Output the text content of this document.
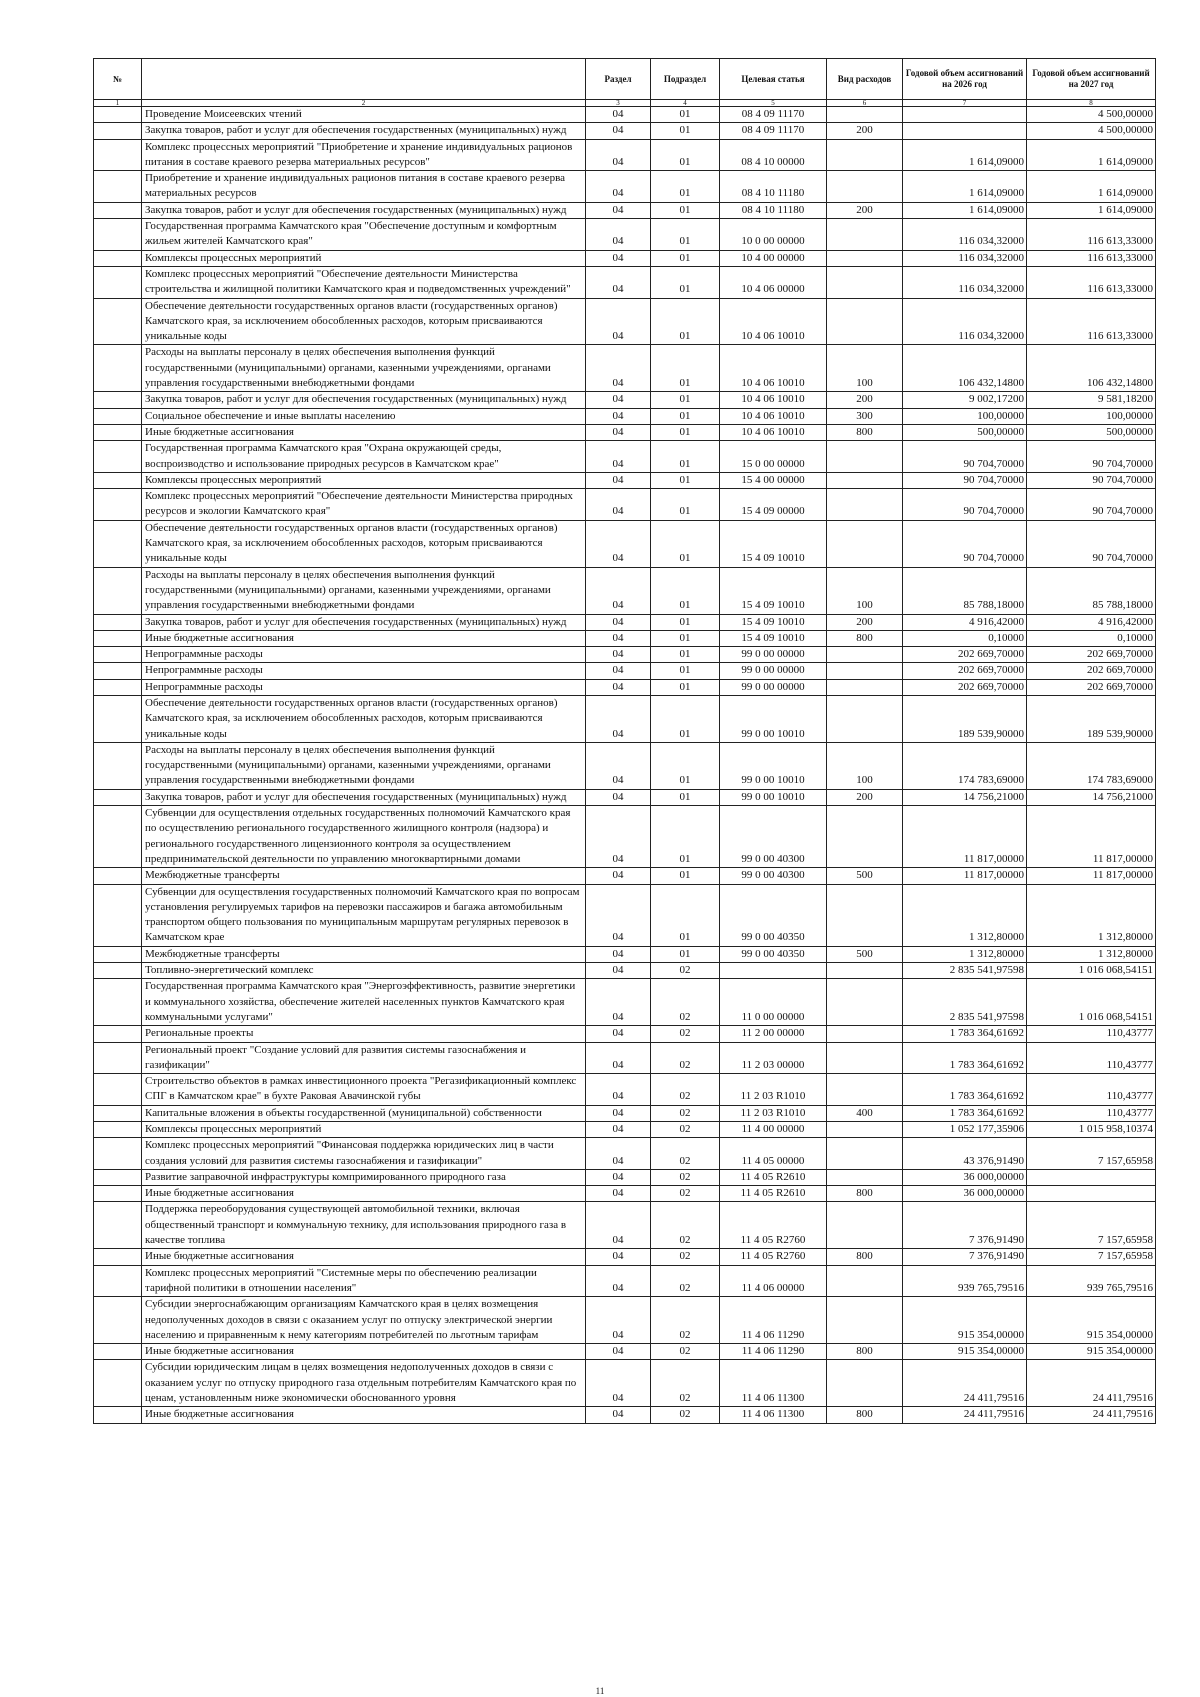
№		Раздел	Подраздел	Целевая статья	Вид расходов	Годовой объем ассигнований на 2026 год	Годовой объем ассигнований на 2027 год
1	2	3	4	5	6	7	8
	Проведение Моисеевских чтений	04	01	08 4 09 11170			4 500,00000
	Закупка товаров, работ и услуг для обеспечения государственных (муниципальных) нужд	04	01	08 4 09 11170	200		4 500,00000
	Комплекс процессных мероприятий "Приобретение и хранение индивидуальных рационов питания в составе краевого резерва материальных ресурсов"	04	01	08 4 10 00000		1 614,09000	1 614,09000
	Приобретение и хранение индивидуальных рационов питания в составе краевого резерва материальных ресурсов	04	01	08 4 10 11180		1 614,09000	1 614,09000
	Закупка товаров, работ и услуг для обеспечения государственных (муниципальных) нужд	04	01	08 4 10 11180	200	1 614,09000	1 614,09000
	Государственная программа Камчатского края "Обеспечение доступным и комфортным жильем жителей Камчатского края"	04	01	10 0 00 00000		116 034,32000	116 613,33000
	Комплексы процессных мероприятий	04	01	10 4 00 00000		116 034,32000	116 613,33000
	Комплекс процессных мероприятий "Обеспечение деятельности Министерства строительства и жилищной политики Камчатского края и подведомственных учреждений"	04	01	10 4 06 00000		116 034,32000	116 613,33000
	Обеспечение деятельности государственных органов власти (государственных органов) Камчатского края, за исключением обособленных расходов, которым присваиваются уникальные коды	04	01	10 4 06 10010		116 034,32000	116 613,33000
	Расходы на выплаты персоналу в целях обеспечения выполнения функций государственными (муниципальными) органами, казенными учреждениями, органами управления государственными внебюджетными фондами	04	01	10 4 06 10010	100	106 432,14800	106 432,14800
	Закупка товаров, работ и услуг для обеспечения государственных (муниципальных) нужд	04	01	10 4 06 10010	200	9 002,17200	9 581,18200
	Социальное обеспечение и иные выплаты населению	04	01	10 4 06 10010	300	100,00000	100,00000
	Иные бюджетные ассигнования	04	01	10 4 06 10010	800	500,00000	500,00000
	Государственная программа Камчатского края "Охрана окружающей среды, воспроизводство и использование природных ресурсов в Камчатском крае"	04	01	15 0 00 00000		90 704,70000	90 704,70000
	Комплексы процессных мероприятий	04	01	15 4 00 00000		90 704,70000	90 704,70000
	Комплекс процессных мероприятий "Обеспечение деятельности Министерства природных ресурсов и экологии Камчатского края"	04	01	15 4 09 00000		90 704,70000	90 704,70000
	Обеспечение деятельности государственных органов власти (государственных органов) Камчатского края, за исключением обособленных расходов, которым присваиваются уникальные коды	04	01	15 4 09 10010		90 704,70000	90 704,70000
	Расходы на выплаты персоналу в целях обеспечения выполнения функций государственными (муниципальными) органами, казенными учреждениями, органами управления государственными внебюджетными фондами	04	01	15 4 09 10010	100	85 788,18000	85 788,18000
	Закупка товаров, работ и услуг для обеспечения государственных (муниципальных) нужд	04	01	15 4 09 10010	200	4 916,42000	4 916,42000
	Иные бюджетные ассигнования	04	01	15 4 09 10010	800	0,10000	0,10000
	Непрограммные расходы	04	01	99 0 00 00000		202 669,70000	202 669,70000
	Непрограммные расходы	04	01	99 0 00 00000		202 669,70000	202 669,70000
	Непрограммные расходы	04	01	99 0 00 00000		202 669,70000	202 669,70000
	Обеспечение деятельности государственных органов власти (государственных органов) Камчатского края, за исключением обособленных расходов, которым присваиваются уникальные коды	04	01	99 0 00 10010		189 539,90000	189 539,90000
	Расходы на выплаты персоналу в целях обеспечения выполнения функций государственными (муниципальными) органами, казенными учреждениями, органами управления государственными внебюджетными фондами	04	01	99 0 00 10010	100	174 783,69000	174 783,69000
	Закупка товаров, работ и услуг для обеспечения государственных (муниципальных) нужд	04	01	99 0 00 10010	200	14 756,21000	14 756,21000
	Субвенции для осуществления отдельных государственных полномочий Камчатского края по осуществлению регионального государственного жилищного контроля (надзора) и регионального государственного лицензионного контроля за осуществлением предпринимательской деятельности по управлению многоквартирными домами	04	01	99 0 00 40300		11 817,00000	11 817,00000
	Межбюджетные трансферты	04	01	99 0 00 40300	500	11 817,00000	11 817,00000
	Субвенции для осуществления государственных полномочий Камчатского края по вопросам установления регулируемых тарифов на перевозки пассажиров и багажа автомобильным транспортом общего пользования по муниципальным маршрутам регулярных перевозок в Камчатском крае	04	01	99 0 00 40350		1 312,80000	1 312,80000
	Межбюджетные трансферты	04	01	99 0 00 40350	500	1 312,80000	1 312,80000
	Топливно-энергетический комплекс	04	02			2 835 541,97598	1 016 068,54151
	Государственная программа Камчатского края "Энергоэффективность, развитие энергетики и коммунального хозяйства, обеспечение жителей населенных пунктов Камчатского края коммунальными услугами"	04	02	11 0 00 00000		2 835 541,97598	1 016 068,54151
	Региональные проекты	04	02	11 2 00 00000		1 783 364,61692	110,43777
	Региональный проект "Создание условий для развития системы газоснабжения и газификации"	04	02	11 2 03 00000		1 783 364,61692	110,43777
	Строительство объектов в рамках инвестиционного проекта "Регазификационный комплекс СПГ в Камчатском крае" в бухте Раковая Авачинской губы	04	02	11 2 03 R1010		1 783 364,61692	110,43777
	Капитальные вложения в объекты государственной (муниципальной) собственности	04	02	11 2 03 R1010	400	1 783 364,61692	110,43777
	Комплексы процессных мероприятий	04	02	11 4 00 00000		1 052 177,35906	1 015 958,10374
	Комплекс процессных мероприятий "Финансовая поддержка юридических лиц в части создания условий для развития системы газоснабжения и газификации"	04	02	11 4 05 00000		43 376,91490	7 157,65958
	Развитие заправочной инфраструктуры компримированного природного газа	04	02	11 4 05 R2610		36 000,00000	
	Иные бюджетные ассигнования	04	02	11 4 05 R2610	800	36 000,00000	
	Поддержка переоборудования существующей автомобильной техники, включая общественный транспорт и коммунальную технику, для использования природного газа в качестве топлива	04	02	11 4 05 R2760		7 376,91490	7 157,65958
	Иные бюджетные ассигнования	04	02	11 4 05 R2760	800	7 376,91490	7 157,65958
	Комплекс процессных мероприятий "Системные меры по обеспечению реализации тарифной политики в отношении населения"	04	02	11 4 06 00000		939 765,79516	939 765,79516
	Субсидии энергоснабжающим организациям Камчатского края в целях возмещения недополученных доходов в связи с оказанием услуг по отпуску электрической энергии населению и приравненным к нему категориям потребителей по льготным тарифам	04	02	11 4 06 11290		915 354,00000	915 354,00000
	Иные бюджетные ассигнования	04	02	11 4 06 11290	800	915 354,00000	915 354,00000
	Субсидии юридическим лицам в целях возмещения недополученных доходов в связи с оказанием услуг по отпуску природного газа отдельным потребителям Камчатского края по ценам, установленным ниже экономически обоснованного уровня	04	02	11 4 06 11300		24 411,79516	24 411,79516
	Иные бюджетные ассигнования	04	02	11 4 06 11300	800	24 411,79516	24 411,79516
11
